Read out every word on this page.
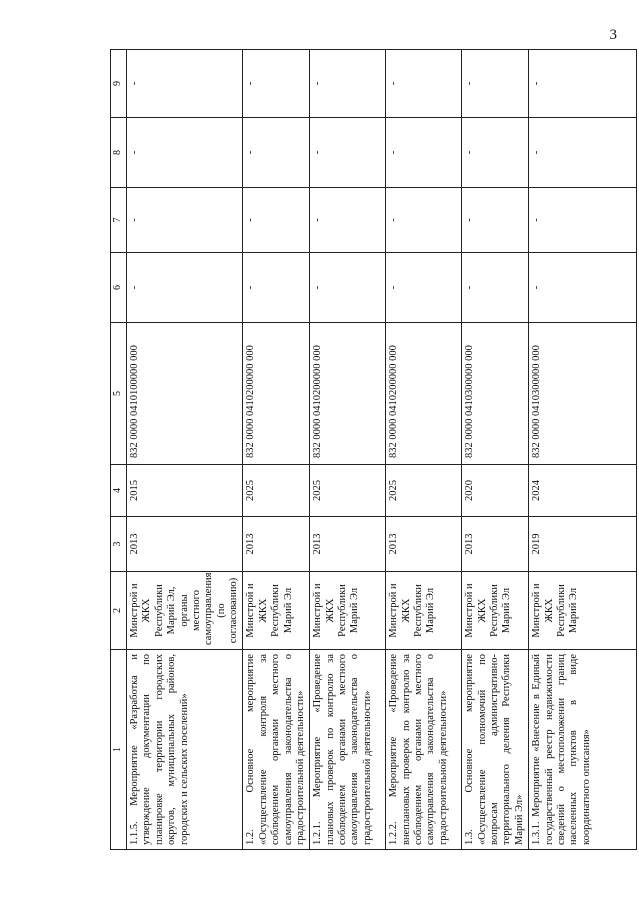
3
1	2	3	4	5	6	7	8	9
1.1.5. Мероприятие «Разработка и утверждение документации по планировке территории городских округов, муниципальных районов, городских и сельских поселений»	Минстрой и ЖКХ Республики Марий Эл, органы местного самоуправления (по согласованию)	2013	2015	832 0000 0410100000 000	-	-	-	-
1.2. Основное мероприятие «Осуществление контроля за соблюдением органами местного самоуправления законодательства о градостроительной деятельности»	Минстрой и ЖКХ Республики Марий Эл	2013	2025	832 0000 0410200000 000	-	-	-	-
1.2.1. Мероприятие «Проведение плановых проверок по контролю за соблюдением органами местного самоуправления законодательства о градостроительной деятельности»	Минстрой и ЖКХ Республики Марий Эл	2013	2025	832 0000 0410200000 000	-	-	-	-
1.2.2. Мероприятие «Проведение внеплановых проверок по контролю за соблюдением органами местного самоуправления законодательства о градостроительной деятельности»	Минстрой и ЖКХ Республики Марий Эл	2013	2025	832 0000 0410200000 000	-	-	-	-
1.3. Основное мероприятие «Осуществление полномочий по вопросам административно-территориального деления Республики Марий Эл»	Минстрой и ЖКХ Республики Марий Эл	2013	2020	832 0000 0410300000 000	-	-	-	-
1.3.1. Мероприятие «Внесение в Единый государственный реестр недвижимости сведений о местоположении границ населенных пунктов в виде координатного описания»	Минстрой и ЖКХ Республики Марий Эл	2019	2024	832 0000 0410300000 000	-	-	-	-
